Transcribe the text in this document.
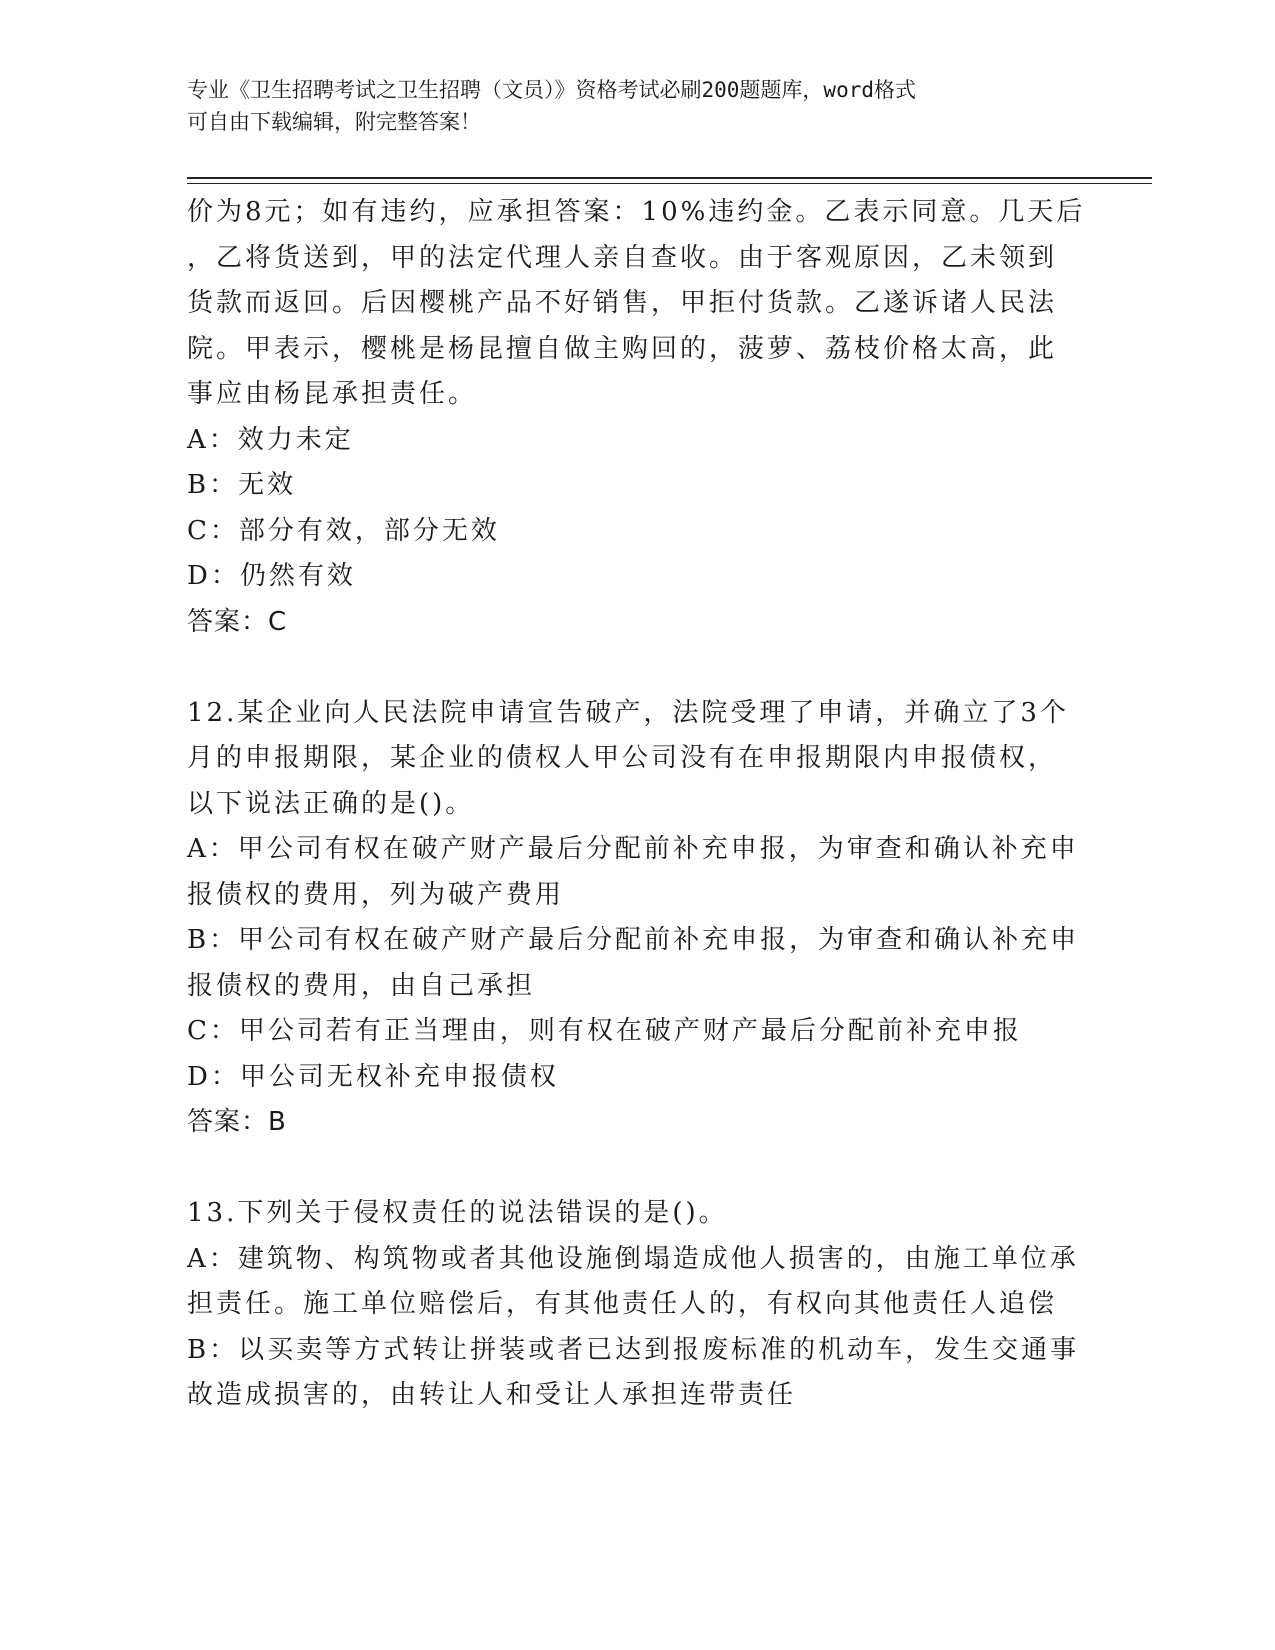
专业《卫生招聘考试之卫生招聘（文员）》资格考试必刷200题题库，word格式
可自由下载编辑，附完整答案！
价为8元；如有违约，应承担答案：10%违约金。乙表示同意。几天后
，乙将货送到，甲的法定代理人亲自查收。由于客观原因，乙未领到
货款而返回。后因樱桃产品不好销售，甲拒付货款。乙遂诉诸人民法
院。甲表示，樱桃是杨昆擅自做主购回的，菠萝、荔枝价格太高，此
事应由杨昆承担责任。
A：效力未定
B：无效
C：部分有效，部分无效
D：仍然有效
答案：C
12.某企业向人民法院申请宣告破产，法院受理了申请，并确立了3个
月的申报期限，某企业的债权人甲公司没有在申报期限内申报债权，
以下说法正确的是()。
A：甲公司有权在破产财产最后分配前补充申报，为审查和确认补充申
报债权的费用，列为破产费用
B：甲公司有权在破产财产最后分配前补充申报，为审查和确认补充申
报债权的费用，由自己承担
C：甲公司若有正当理由，则有权在破产财产最后分配前补充申报
D：甲公司无权补充申报债权
答案：B
13.下列关于侵权责任的说法错误的是()。
A：建筑物、构筑物或者其他设施倒塌造成他人损害的，由施工单位承
担责任。施工单位赔偿后，有其他责任人的，有权向其他责任人追偿
B：以买卖等方式转让拼装或者已达到报废标准的机动车，发生交通事
故造成损害的，由转让人和受让人承担连带责任
